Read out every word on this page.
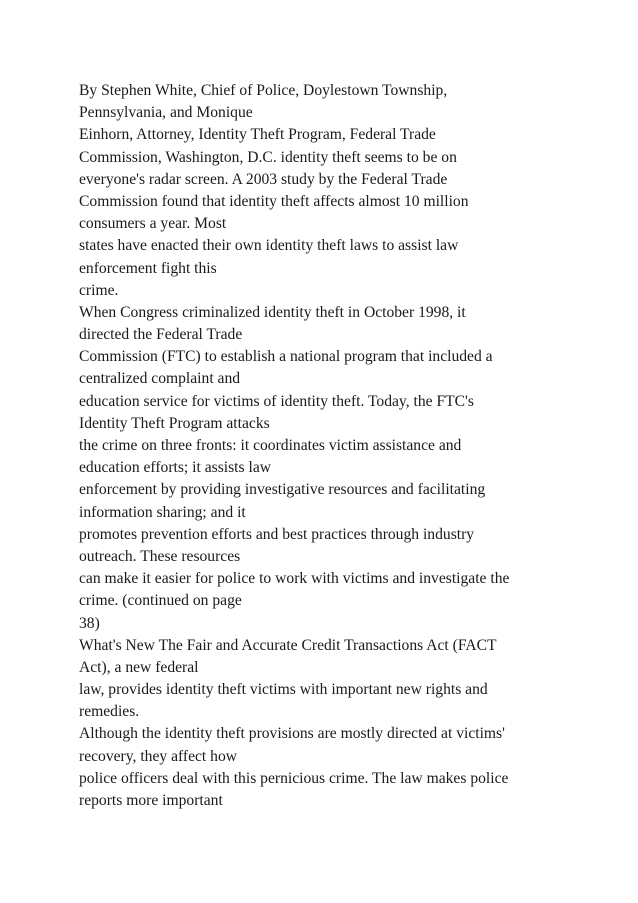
By Stephen White, Chief of Police, Doylestown Township,
Pennsylvania, and Monique
Einhorn, Attorney, Identity Theft Program, Federal Trade
Commission, Washington, D.C. identity theft seems to be on
everyone's radar screen. A 2003 study by the Federal Trade
Commission found that identity theft affects almost 10 million
consumers a year. Most
states have enacted their own identity theft laws to assist law
enforcement fight this
crime.
When Congress criminalized identity theft in October 1998, it
directed the Federal Trade
Commission (FTC) to establish a national program that included a
centralized complaint and
education service for victims of identity theft. Today, the FTC's
Identity Theft Program attacks
the crime on three fronts: it coordinates victim assistance and
education efforts; it assists law
enforcement by providing investigative resources and facilitating
information sharing; and it
promotes prevention efforts and best practices through industry
outreach. These resources
can make it easier for police to work with victims and investigate the
crime. (continued on page
38)
What's New The Fair and Accurate Credit Transactions Act (FACT
Act), a new federal
law, provides identity theft victims with important new rights and
remedies.
Although the identity theft provisions are mostly directed at victims'
recovery, they affect how
police officers deal with this pernicious crime. The law makes police
reports more important
